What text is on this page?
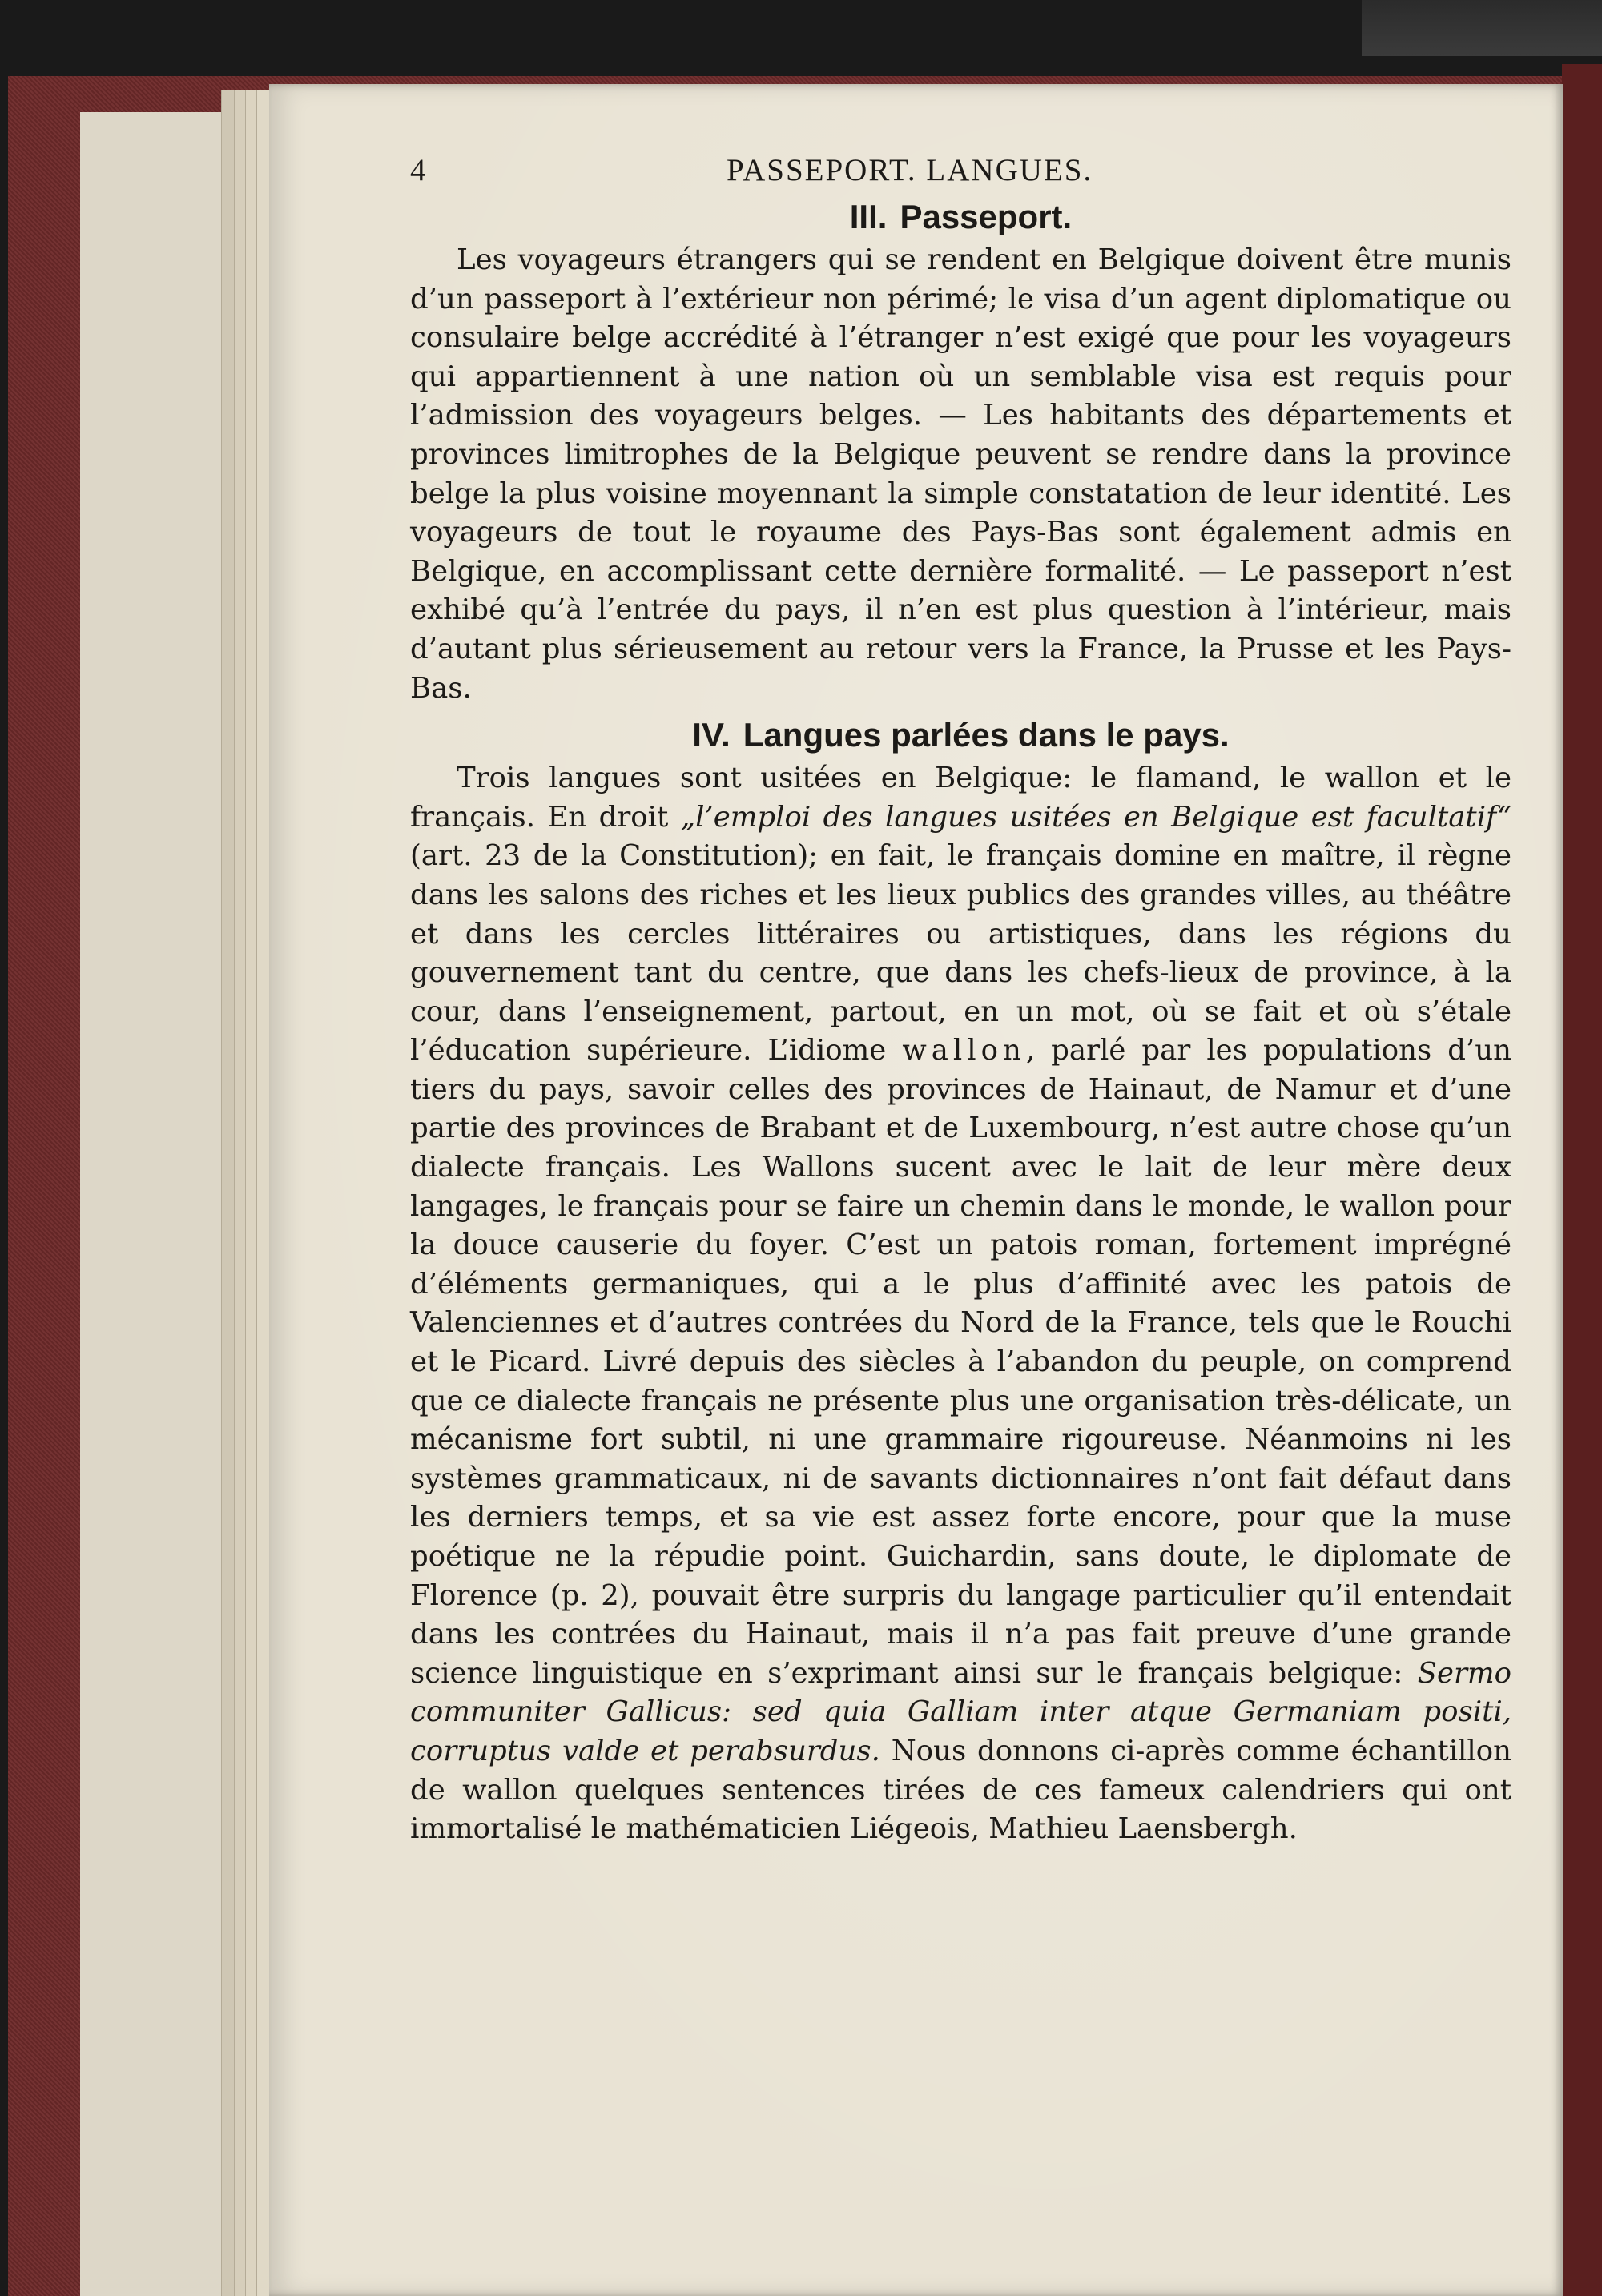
4	PASSEPORT. LANGUES.
III. Passeport.

Les voyageurs étrangers qui se rendent en Belgique doivent être munis d’un passeport à l’extérieur non périmé; le visa d’un agent diplomatique ou consulaire belge accrédité à l’étranger n’est exigé que pour les voyageurs qui appartiennent à une nation où un semblable visa est requis pour l’admission des voyageurs belges. — Les habitants des départements et provinces limitrophes de la Belgique peuvent se rendre dans la province belge la plus voisine moyennant la simple constatation de leur identité. Les voyageurs de tout le royaume des Pays-Bas sont également admis en Belgique, en accomplissant cette dernière formalité. — Le passeport n’est exhibé qu’à l’entrée du pays, il n’en est plus question à l’intérieur, mais d’autant plus sérieusement au retour vers la France, la Prusse et les Pays-Bas.

IV. Langues parlées dans le pays.

Trois langues sont usitées en Belgique: le flamand, le wallon et le français. En droit „l’emploi des langues usitées en Belgique est facultatif“ (art. 23 de la Constitution); en fait, le français domine en maître, il règne dans les salons des riches et les lieux publics des grandes villes, au théâtre et dans les cercles littéraires ou artistiques, dans les régions du gouvernement tant du centre, que dans les chefs-lieux de province, à la cour, dans l’enseignement, partout, en un mot, où se fait et où s’étale l’éducation supérieure. L’idiome wallon, parlé par les populations d’un tiers du pays, savoir celles des provinces de Hainaut, de Namur et d’une partie des provinces de Brabant et de Luxembourg, n’est autre chose qu’un dialecte français. Les Wallons sucent avec le lait de leur mère deux langages, le français pour se faire un chemin dans le monde, le wallon pour la douce causerie du foyer. C’est un patois roman, fortement imprégné d’éléments germaniques, qui a le plus d’affinité avec les patois de Valenciennes et d’autres contrées du Nord de la France, tels que le Rouchi et le Picard. Livré depuis des siècles à l’abandon du peuple, on comprend que ce dialecte français ne présente plus une organisation très-délicate, un mécanisme fort subtil, ni une grammaire rigoureuse. Néanmoins ni les systèmes grammaticaux, ni de savants dictionnaires n’ont fait défaut dans les derniers temps, et sa vie est assez forte encore, pour que la muse poétique ne la répudie point. Guichardin, sans doute, le diplomate de Florence (p. 2), pouvait être surpris du langage particulier qu’il entendait dans les contrées du Hainaut, mais il n’a pas fait preuve d’une grande science linguistique en s’exprimant ainsi sur le français belgique: Sermo communiter Gallicus: sed quia Galliam inter atque Germaniam positi, corruptus valde et perabsurdus. Nous donnons ci-après comme échantillon de wallon quelques sentences tirées de ces fameux calendriers qui ont immortalisé le mathématicien Liégeois, Mathieu Laensbergh.
